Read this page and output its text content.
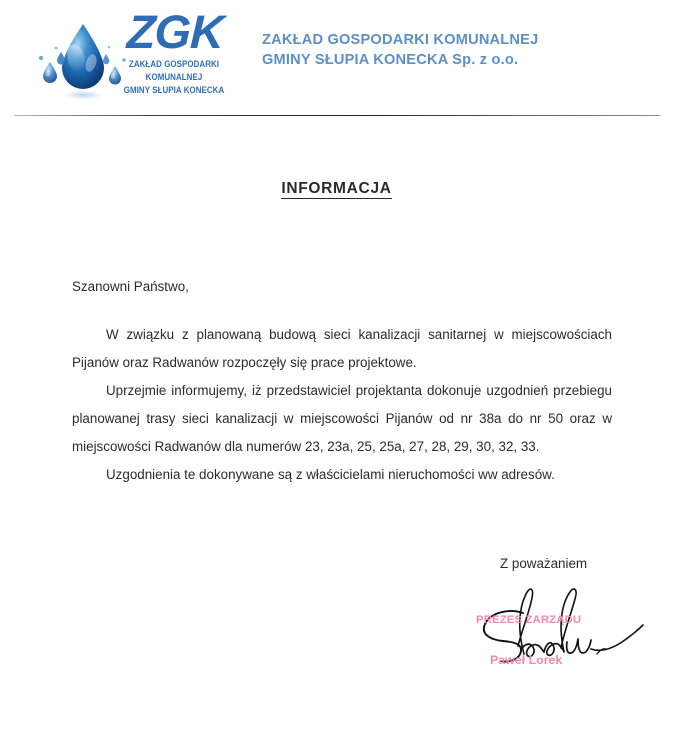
ZGK
ZAKŁAD GOSPODARKI
KOMUNALNEJ
GMINY SŁUPIA KONECKA
ZAKŁAD GOSPODARKI KOMUNALNEJ
GMINY SŁUPIA KONECKA Sp. z o.o.
INFORMACJA

Szanowni Państwo,

W związku z planowaną budową sieci kanalizacji sanitarnej w miejscowościach Pijanów oraz Radwanów rozpoczęły się prace projektowe.

Uprzejmie informujemy, iż przedstawiciel projektanta dokonuje uzgodnień przebiegu planowanej trasy sieci kanalizacji w miejscowości Pijanów od nr 38a do nr 50 oraz w miejscowości Radwanów dla numerów 23, 23a, 25, 25a, 27, 28, 29, 30, 32, 33.

Uzgodnienia te dokonywane są z właścicielami nieruchomości ww adresów.

Z poważaniem
PREZES ZARZĄDU
Paweł Lorek
